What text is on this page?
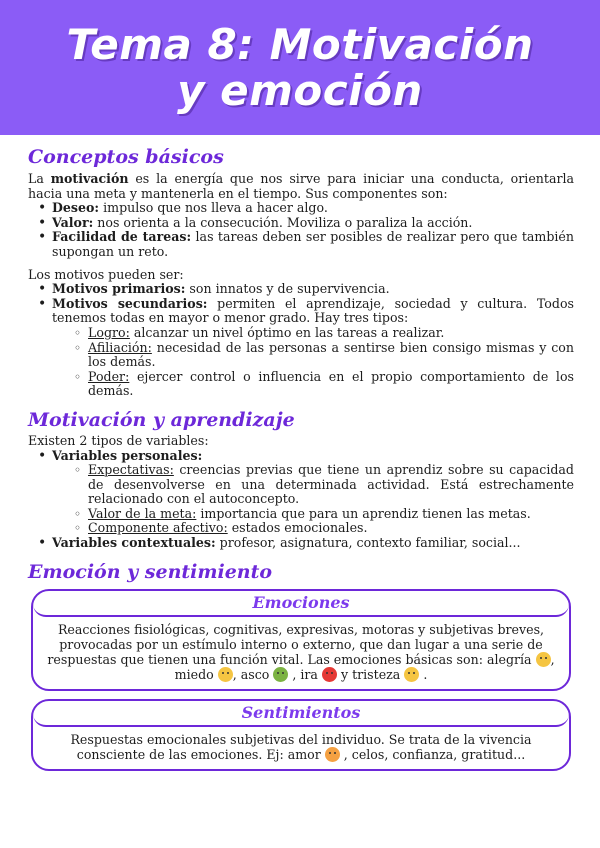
Tema 8: Motivación
y emoción
Conceptos básicos

La motivación es la energía que nos sirve para iniciar una conducta, orientarla hacia una meta y mantenerla en el tiempo. Sus componentes son:

• Deseo: impulso que nos lleva a hacer algo.
• Valor: nos orienta a la consecución. Moviliza o paraliza la acción.
• Facilidad de tareas: las tareas deben ser posibles de realizar pero que también supongan un reto.

Los motivos pueden ser:

• Motivos primarios: son innatos y de supervivencia.
• Motivos secundarios: permiten el aprendizaje, sociedad y cultura. Todos tenemos todas en mayor o menor grado. Hay tres tipos:
◦ Logro: alcanzar un nivel óptimo en las tareas a realizar.
◦ Afiliación: necesidad de las personas a sentirse bien consigo mismas y con los demás.
◦ Poder: ejercer control o influencia en el propio comportamiento de los demás.
Motivación y aprendizaje

Existen 2 tipos de variables:

• Variables personales:
◦ Expectativas: creencias previas que tiene un aprendiz sobre su capacidad de desenvolverse en una determinada actividad. Está estrechamente relacionado con el autoconcepto.
◦ Valor de la meta: importancia que para un aprendiz tienen las metas.
◦ Componente afectivo: estados emocionales.
• Variables contextuales: profesor, asignatura, contexto familiar, social...
Emoción y sentimiento
Emociones
Reacciones fisiológicas, cognitivas, expresivas, motoras y subjetivas breves, provocadas por un estímulo interno o externo, que dan lugar a una serie de respuestas que tienen una función vital. Las emociones básicas son: alegría , miedo , asco  , ira  y tristeza  .
Sentimientos
Respuestas emocionales subjetivas del individuo. Se trata de la vivencia consciente de las emociones. Ej: amor  , celos, confianza, gratitud...
